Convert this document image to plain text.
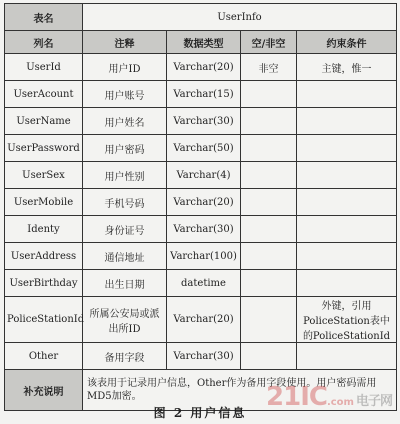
表名	UserInfo			
列名	注释	数据类型	空/非空	约束条件
UserId	用户ID	Varchar(20)	非空	主键，惟一
UserAcount	用户账号	Varchar(15)		
UserName	用户姓名	Varchar(30)		
UserPassword	用户密码	Varchar(50)		
UserSex	用户性别	Varchar(4)		
UserMobile	手机号码	Varchar(20)		
Identy	身份证号	Varchar(30)		
UserAddress	通信地址	Varchar(100)		
UserBirthday	出生日期	datetime		
PoliceStationId	所属公安局或派出所ID	Varchar(20)		外键，引用PoliceStation表中的PoliceStationId
Other	备用字段	Varchar(30)		
补充说明	该表用于记录用户信息，Other作为备用字段使用。用户密码需用MD5加密。			
图 2 用户信息
21IC.com 电子网
